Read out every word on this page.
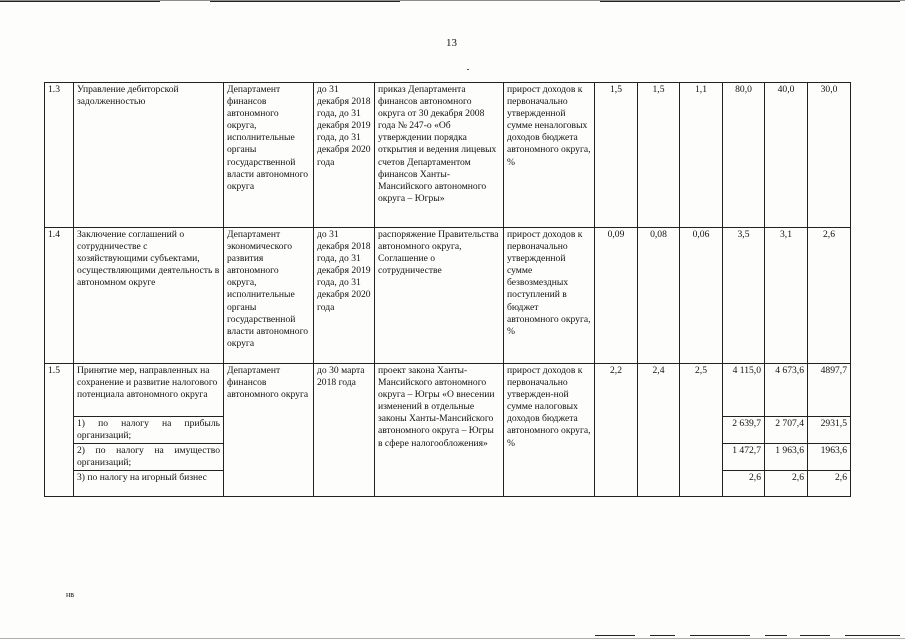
13
1.3	Управление дебиторской задолженностью	Департамент финансов автономного округа, исполнительные органы государственной власти автономного округа	до 31 декабря 2018 года, до 31 декабря 2019 года, до 31 декабря 2020 года	приказ Департамента финансов автономного округа от 30 декабря 2008 года № 247-о «Об утверждении порядка открытия и ведения лицевых счетов Департаментом финансов Ханты-Мансийского автономного округа – Югры»	прирост доходов к первоначально утвержденной сумме неналоговых доходов бюджета автономного округа, %	1,5	1,5	1,1	80,0	40,0	30,0
1.4	Заключение соглашений о сотрудничестве с хозяйствующими субъектами, осуществляющими деятельность в автономном округе	Департамент экономического развития автономного округа, исполнительные органы государственной власти автономного округа	до 31 декабря 2018 года, до 31 декабря 2019 года, до 31 декабря 2020 года	распоряжение Правительства автономного округа, Соглашение о сотрудничестве	прирост доходов к первоначально утвержденной сумме безвозмездных поступлений в бюджет автономного округа, %	0,09	0,08	0,06	3,5	3,1	2,6
1.5	Принятие мер, направленных на сохранение и развитие налогового потенциала автономного округа	Департамент финансов автономного округа	до 30 марта 2018 года	проект закона Ханты-Мансийского автономного округа – Югры «О внесении изменений в отдельные законы Ханты-Мансийского автономного округа – Югры в сфере налогообложения»	прирост доходов к первоначально утвержден-ной сумме налоговых доходов бюджета автономного округа, %	2,2	2,4	2,5	4 115,0	4 673,6	4897,7
	1) по налогу на прибыль организаций;								2 639,7	2 707,4	2931,5
	2) по налогу на имущество организаций;								1 472,7	1 963,6	1963,6
	3) по налогу на игорный бизнес								2,6	2,6	2,6
нв
